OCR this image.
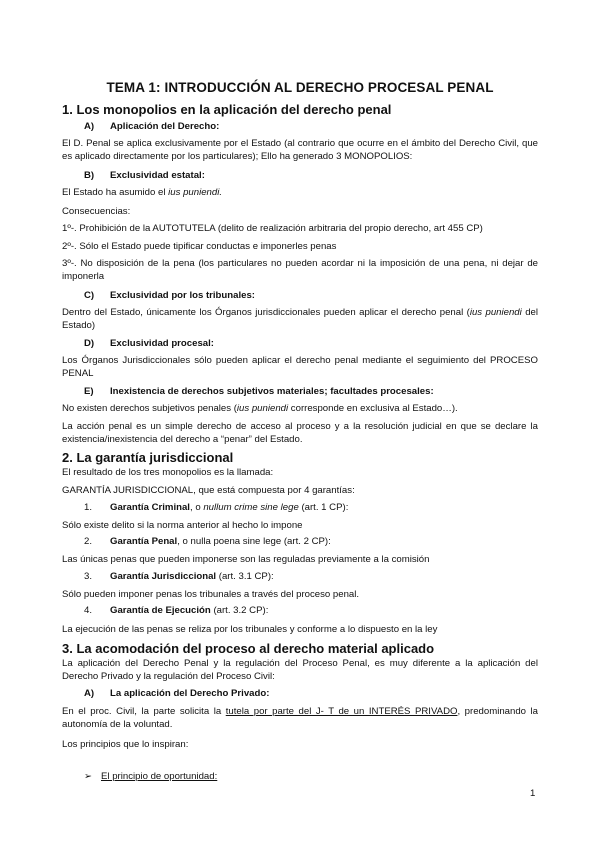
TEMA 1: INTRODUCCIÓN AL DERECHO PROCESAL PENAL
1. Los monopolios en la aplicación del derecho penal
A) Aplicación del Derecho:
El D. Penal se aplica exclusivamente por el Estado (al contrario que ocurre en el ámbito del Derecho Civil, que es aplicado directamente por los particulares); Ello ha generado 3 MONOPOLIOS:
B) Exclusividad estatal:
El Estado ha asumido el ius puniendi.
Consecuencias:
1º-. Prohibición de la AUTOTUTELA (delito de realización arbitraria del propio derecho, art 455 CP)
2º-. Sólo el Estado puede tipificar conductas e imponerles penas
3º-. No disposición de la pena (los particulares no pueden acordar ni la imposición de una pena, ni dejar de imponerla
C) Exclusividad por los tribunales:
Dentro del Estado, únicamente los Órganos jurisdiccionales pueden aplicar el derecho penal (ius puniendi del Estado)
D) Exclusividad procesal:
Los Órganos Jurisdiccionales sólo pueden aplicar el derecho penal mediante el seguimiento del PROCESO PENAL
E) Inexistencia de derechos subjetivos materiales; facultades procesales:
No existen derechos subjetivos penales (ius puniendi corresponde en exclusiva al Estado…).
La acción penal es un simple derecho de acceso al proceso y a la resolución judicial en que se declare la existencia/inexistencia del derecho a “penar” del Estado.
2. La garantía jurisdiccional
El resultado de los tres monopolios es la llamada:
GARANTÍA JURISDICCIONAL, que está compuesta por 4 garantías:
1. Garantía Criminal, o nullum crime sine lege (art. 1 CP):
Sólo existe delito si la norma anterior al hecho lo impone
2. Garantía Penal, o nulla poena sine lege (art. 2 CP):
Las únicas penas que pueden imponerse son las reguladas previamente a la comisión
3. Garantía Jurisdiccional (art. 3.1 CP):
Sólo pueden imponer penas los tribunales a través del proceso penal.
4. Garantía de Ejecución (art. 3.2 CP):
La ejecución de las penas se reliza por los tribunales y conforme a lo dispuesto en la ley
3. La acomodación del proceso al derecho material aplicado
La aplicación del Derecho Penal y la regulación del Proceso Penal, es muy diferente a la aplicación del Derecho Privado y la regulación del Proceso Civil:
A) La aplicación del Derecho Privado:
En el proc. Civil, la parte solicita la tutela por parte del J- T de un INTERÉS PRIVADO, predominando la autonomía de la voluntad.
Los principios que lo inspiran:
➢ El principio de oportunidad:
1
